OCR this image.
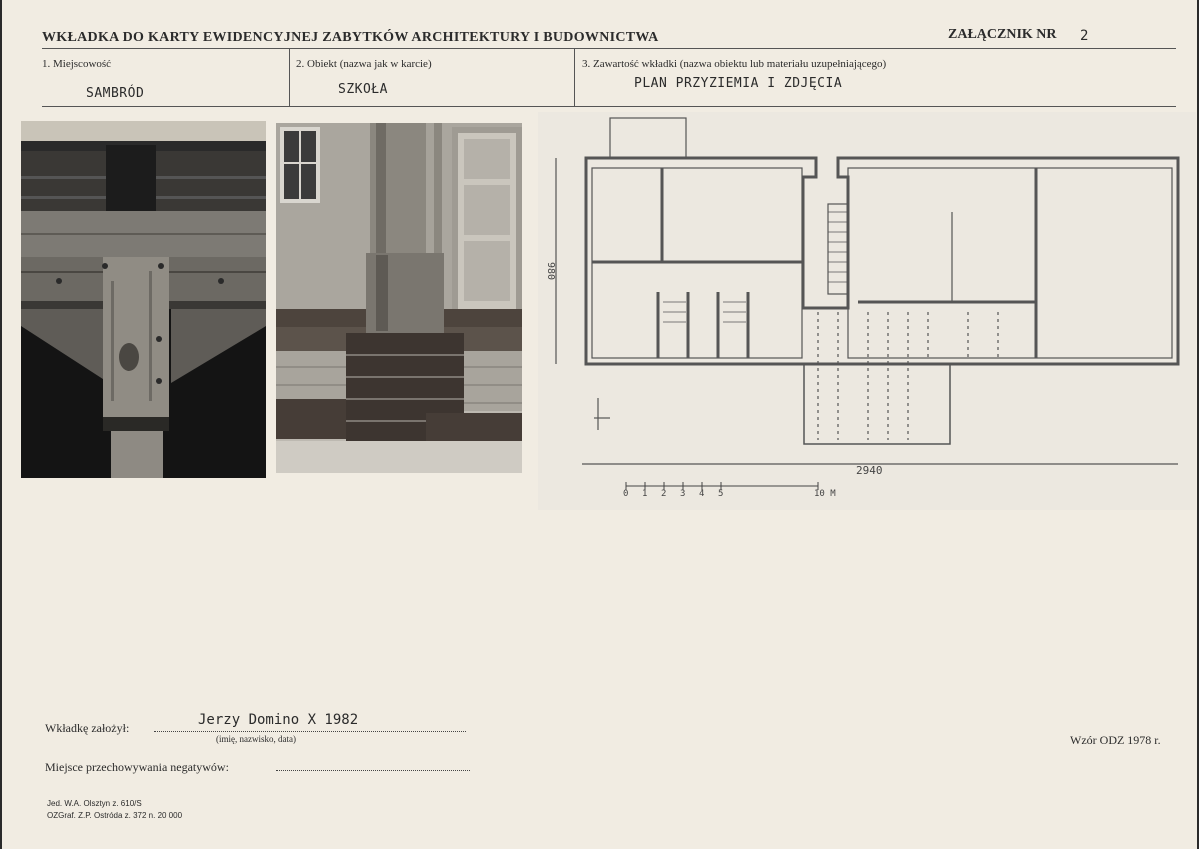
WKŁADKA DO KARTY EWIDENCYJNEJ ZABYTKÓW ARCHITEKTURY I BUDOWNICTWA	ZAŁĄCZNIK NR 2
1. Miejscowość
SAMBRÓD
2. Obiekt (nazwa jak w karcie)
SZKOŁA
3. Zawartość wkładki (nazwa obiektu lub materiału uzupełniającego)
PLAN PRZYZIEMIA I ZDJĘCIA
980
2940
0 1 2 3 4 5	10 M
Wkładkę założył:	Jerzy Domino X 1982
(imię, nazwisko, data)
Miejsce przechowywania negatywów:
Wzór ODZ 1978 r.
Jed. W.A. Olsztyn z. 610/S
OZGraf. Z.P. Ostróda z. 372 n. 20 000
